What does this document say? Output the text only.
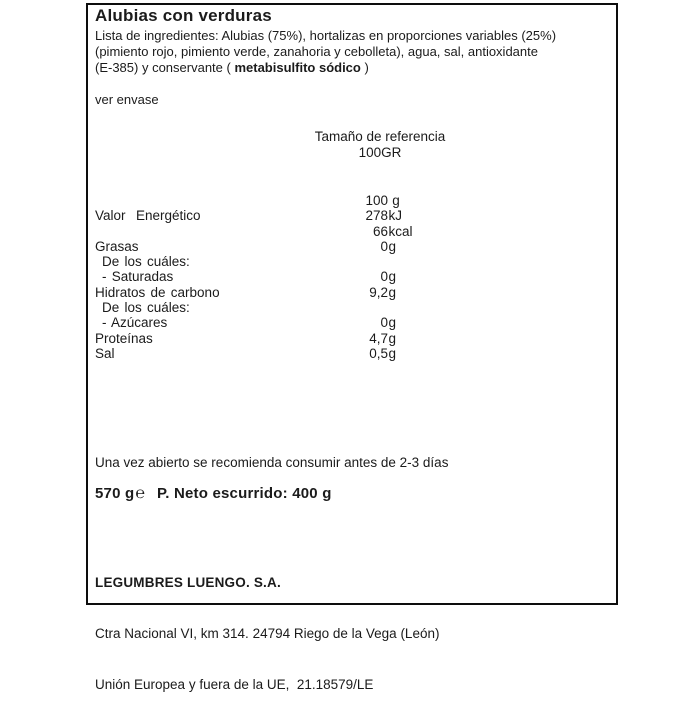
Alubias con verduras
Lista de ingredientes: Alubias (75%), hortalizas en proporciones variables (25%)
(pimiento rojo, pimiento verde, zanahoria y cebolleta), agua, sal, antioxidante
(E-385) y conservante ( metabisulfito sódico )
ver envase
Tamaño de referencia
100GR
100 g
Valor  Energético	278 kJ
66 kcal
Grasas	0 g
De los cuáles:
- Saturadas	0 g
Hidratos de carbono	9,2 g
De los cuáles:
- Azúcares	0 g
Proteínas	4,7 g
Sal	0,5 g
Una vez abierto se recomienda consumir antes de 2-3 días
570 g℮ P. Neto escurrido: 400 g

LEGUMBRES LUENGO. S.A.

Ctra Nacional VI, km 314. 24794 Riego de la Vega (León)

Unión Europea y fuera de la UE,  21.18579/LE
